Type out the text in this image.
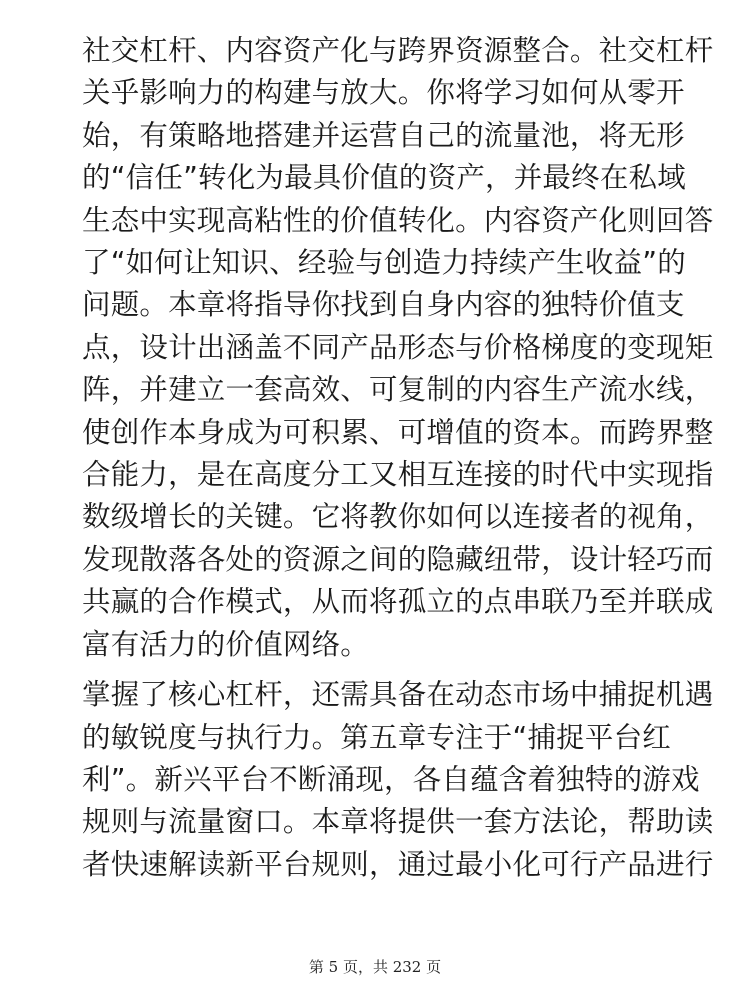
社交杠杆、内容资产化与跨界资源整合。社交杠杆
关乎影响力的构建与放大。你将学习如何从零开
始，有策略地搭建并运营自己的流量池，将无形
的“信任”转化为最具价值的资产，并最终在私域
生态中实现高粘性的价值转化。内容资产化则回答
了“如何让知识、经验与创造力持续产生收益”的
问题。本章将指导你找到自身内容的独特价值支
点，设计出涵盖不同产品形态与价格梯度的变现矩
阵，并建立一套高效、可复制的内容生产流水线，
使创作本身成为可积累、可增值的资本。而跨界整
合能力，是在高度分工又相互连接的时代中实现指
数级增长的关键。它将教你如何以连接者的视角，
发现散落各处的资源之间的隐藏纽带，设计轻巧而
共赢的合作模式，从而将孤立的点串联乃至并联成
富有活力的价值网络。

掌握了核心杠杆，还需具备在动态市场中捕捉机遇
的敏锐度与执行力。第五章专注于“捕捉平台红
利”。新兴平台不断涌现，各自蕴含着独特的游戏
规则与流量窗口。本章将提供一套方法论，帮助读
者快速解读新平台规则，通过最小化可行产品进行

第 5 页，共 232 页
